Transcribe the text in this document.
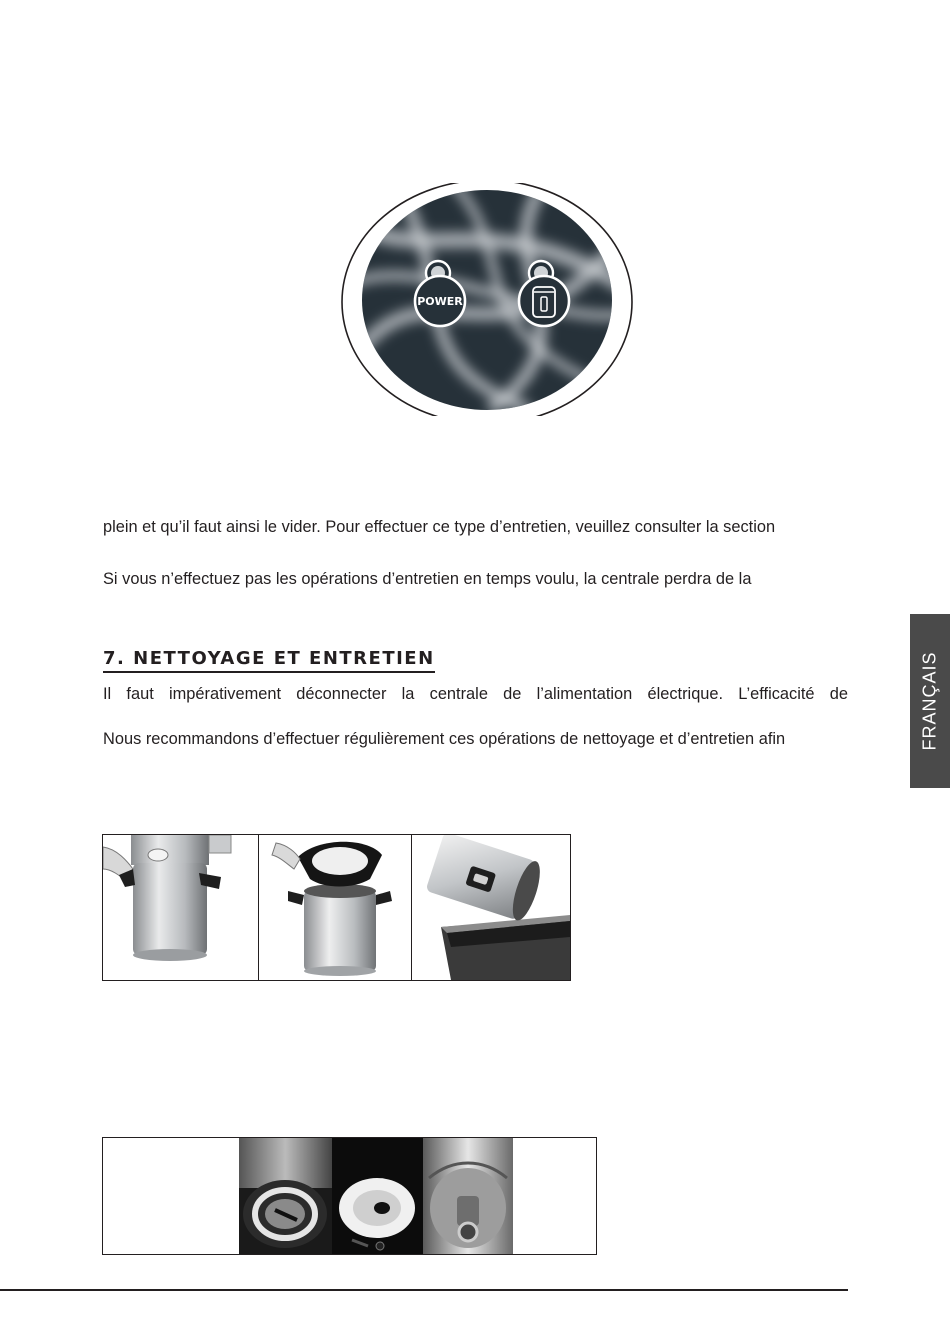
POWER
plein et qu’il faut ainsi le vider. Pour effectuer ce type d’entretien, veuillez consulter la section
Si vous n’effectuez pas les opérations d’entretien en temps voulu, la centrale perdra de la
7. NETTOYAGE ET ENTRETIEN
Il faut impérativement déconnecter la centrale de l’alimentation électrique. L’efficacité de
Nous recommandons d’effectuer régulièrement ces opérations de nettoyage et d’entretien afin	FRANÇAIS
